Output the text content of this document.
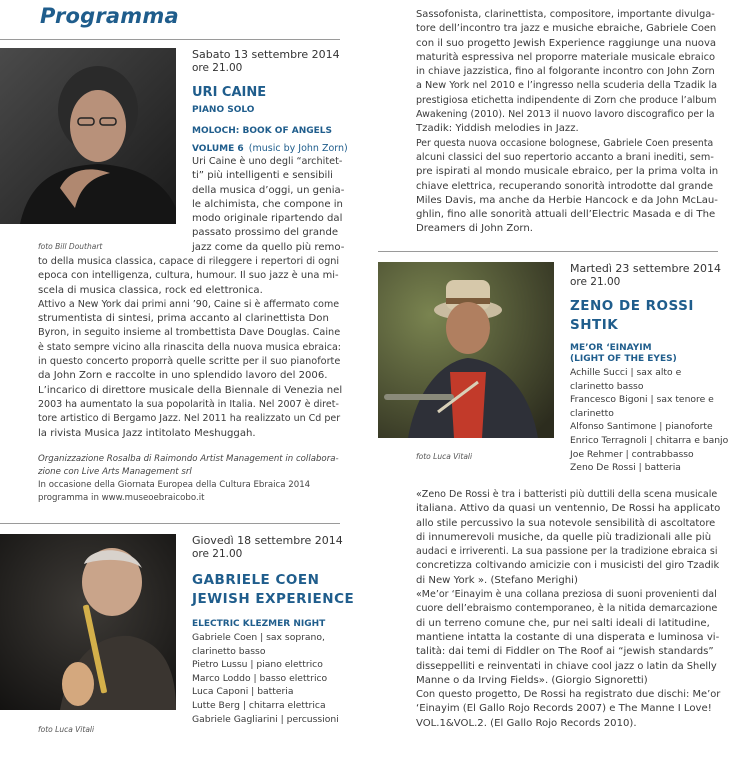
Programma
foto Bill Douthart
Sabato 13 settembre 2014
ore 21.00
URI CAINE
PIANO SOLO
MOLOCH: BOOK OF ANGELS
VOLUME 6 (music by John Zorn)
Uri Caine è uno degli “architet-
ti” più intelligenti e sensibili
della musica d’oggi, un genia-
le alchimista, che compone in
modo originale ripartendo dal
passato prossimo del grande
jazz come da quello più remo-
to della musica classica, capace di rileggere i repertori di ogni
epoca con intelligenza, cultura, humour. Il suo jazz è una mi-
scela di musica classica, rock ed elettronica.
Attivo a New York dai primi anni ’90, Caine si è affermato come
strumentista di sintesi, prima accanto al clarinettista Don
Byron, in seguito insieme al trombettista Dave Douglas. Caine
è stato sempre vicino alla rinascita della nuova musica ebraica:
in questo concerto proporrà quelle scritte per il suo pianoforte
da John Zorn e raccolte in uno splendido lavoro del 2006.
L’incarico di direttore musicale della Biennale di Venezia nel
2003 ha aumentato la sua popolarità in Italia. Nel 2007 è diret-
tore artistico di Bergamo Jazz. Nel 2011 ha realizzato un Cd per
la rivista Musica Jazz intitolato Meshuggah.
Organizzazione Rosalba di Raimondo Artist Management in collabora-
zione con Live Arts Management srl
In occasione della Giornata Europea della Cultura Ebraica 2014
programma in www.museoebraicobo.it
foto Luca Vitali
Giovedì 18 settembre 2014
ore 21.00
GABRIELE COEN
JEWISH EXPERIENCE
ELECTRIC KLEZMER NIGHT
Gabriele Coen | sax soprano,
clarinetto basso
Pietro Lussu | piano elettrico
Marco Loddo | basso elettrico
Luca Caponi | batteria
Lutte Berg | chitarra elettrica
Gabriele Gagliarini | percussioni
Sassofonista, clarinettista, compositore, importante divulga-
tore dell’incontro tra jazz e musiche ebraiche, Gabriele Coen
con il suo progetto Jewish Experience raggiunge una nuova
maturità espressiva nel proporre materiale musicale ebraico
in chiave jazzistica, fino al folgorante incontro con John Zorn
a New York nel 2010 e l’ingresso nella scuderia della Tzadik la
prestigiosa etichetta indipendente di Zorn che produce l’album
Awakening (2010). Nel 2013 il nuovo lavoro discografico per la
Tzadik: Yiddish melodies in Jazz.
Per questa nuova occasione bolognese, Gabriele Coen presenta
alcuni classici del suo repertorio accanto a brani inediti, sem-
pre ispirati al mondo musicale ebraico, per la prima volta in
chiave elettrica, recuperando sonorità introdotte dal grande
Miles Davis, ma anche da Herbie Hancock e da John McLau-
ghlin, fino alle sonorità attuali dell’Electric Masada e di The
Dreamers di John Zorn.
foto Luca Vitali
Martedì 23 settembre 2014
ore 21.00
ZENO DE ROSSI
SHTIK
ME’OR ‘EINAYIM
(LIGHT OF THE EYES)
Achille Succi | sax alto e
clarinetto basso
Francesco Bigoni | sax tenore e
clarinetto
Alfonso Santimone | pianoforte
Enrico Terragnoli | chitarra e banjo
Joe Rehmer | contrabbasso
Zeno De Rossi | batteria
«Zeno De Rossi è tra i batteristi più duttili della scena musicale
italiana. Attivo da quasi un ventennio, De Rossi ha applicato
allo stile percussivo la sua notevole sensibilità di ascoltatore
di innumerevoli musiche, da quelle più tradizionali alle più
audaci e irriverenti. La sua passione per la tradizione ebraica si
concretizza coltivando amicizie con i musicisti del giro Tzadik
di New York ». (Stefano Merighi)
«Me’or ‘Einayim è una collana preziosa di suoni provenienti dal
cuore dell’ebraismo contemporaneo, è la nitida demarcazione
di un terreno comune che, pur nei salti ideali di latitudine,
mantiene intatta la costante di una disperata e luminosa vi-
talità: dai temi di Fiddler on The Roof ai “jewish standards”
disseppelliti e reinventati in chiave cool jazz o latin da Shelly
Manne o da Irving Fields». (Giorgio Signoretti)
Con questo progetto, De Rossi ha registrato due dischi: Me’or
‘Einayim (El Gallo Rojo Records 2007) e The Manne I Love!
VOL.1&VOL.2. (El Gallo Rojo Records 2010).
